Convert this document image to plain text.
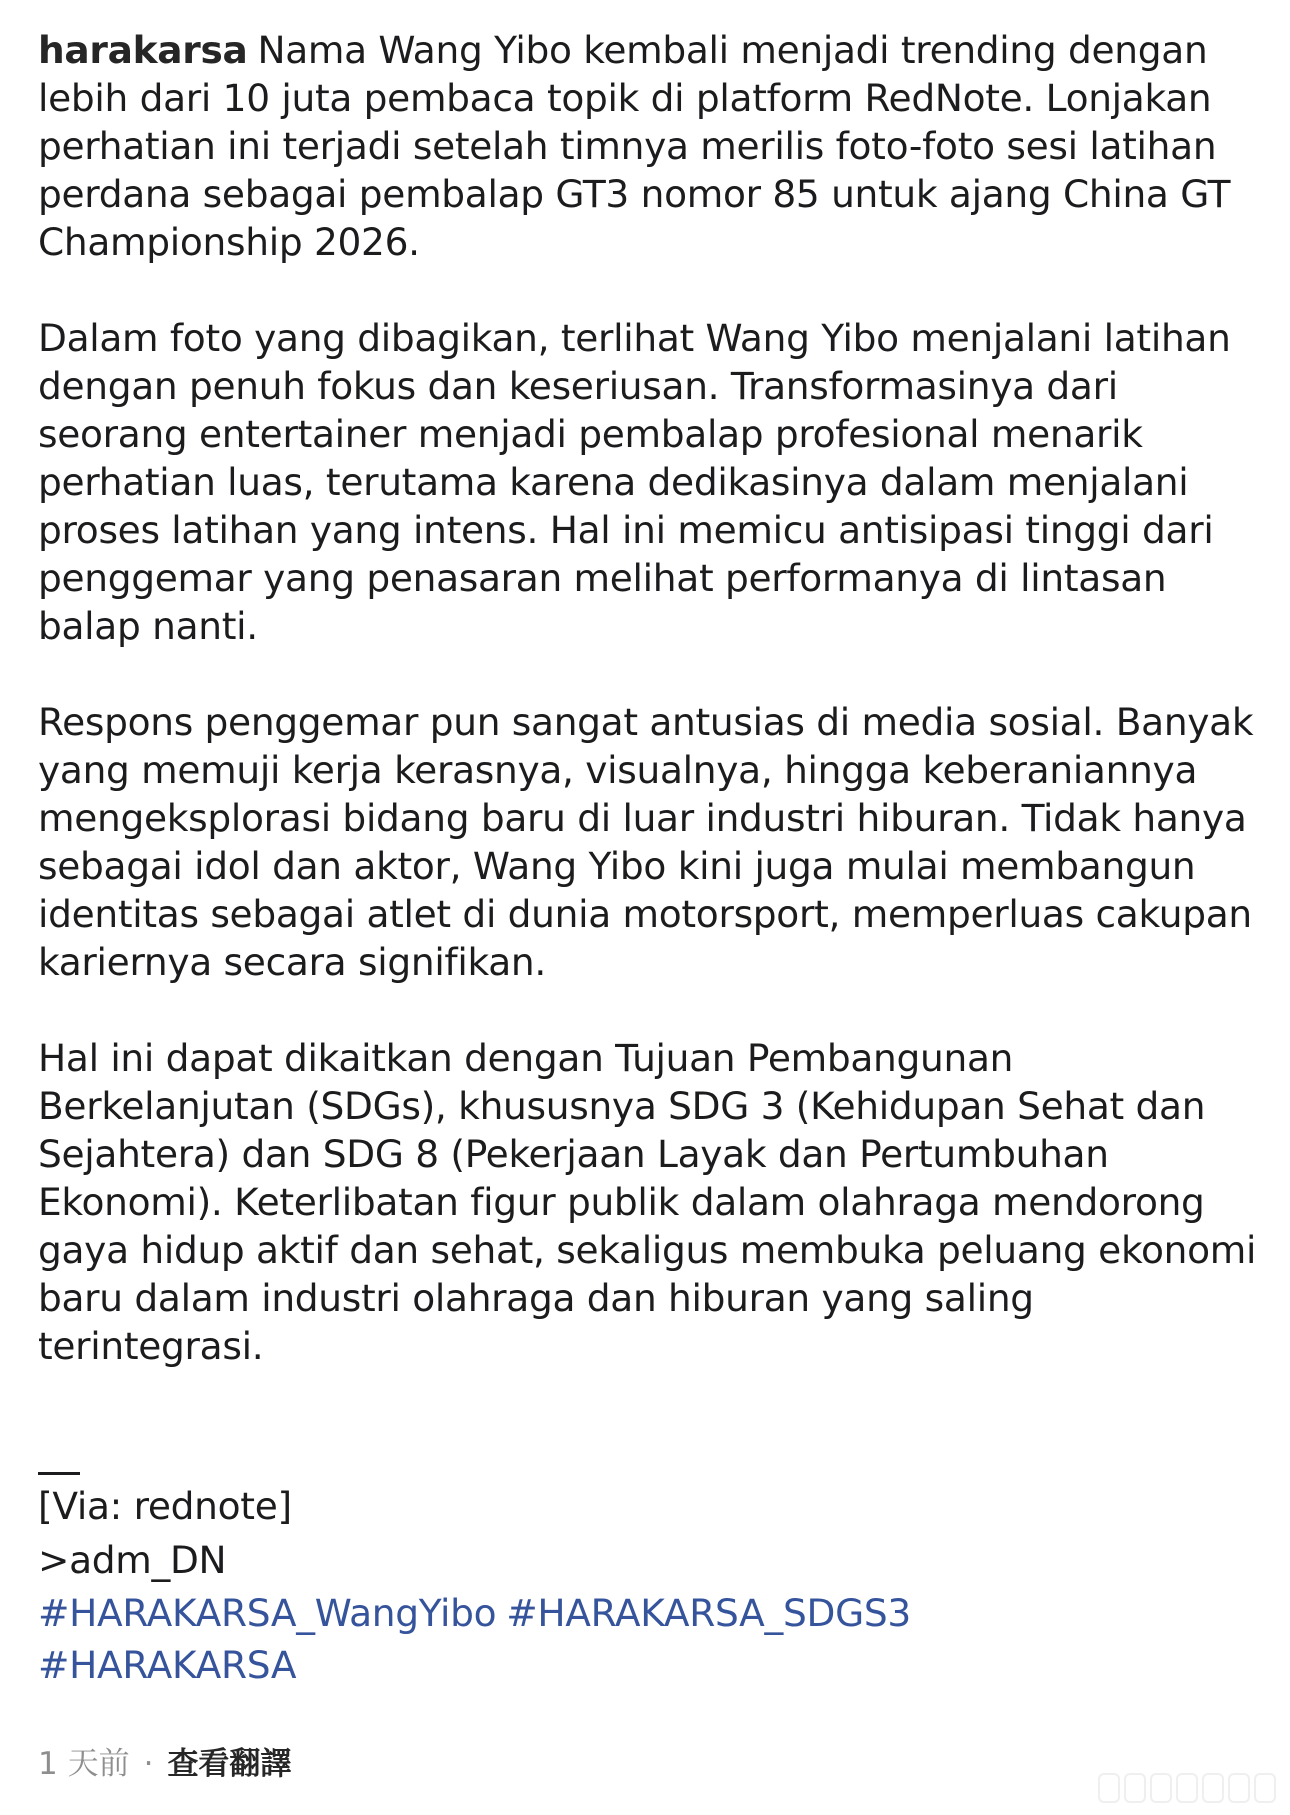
harakarsa Nama Wang Yibo kembali menjadi trending dengan lebih dari 10 juta pembaca topik di platform RedNote. Lonjakan perhatian ini terjadi setelah timnya merilis foto-foto sesi latihan perdana sebagai pembalap GT3 nomor 85 untuk ajang China GT Championship 2026.
Dalam foto yang dibagikan, terlihat Wang Yibo menjalani latihan dengan penuh fokus dan keseriusan. Transformasinya dari seorang entertainer menjadi pembalap profesional menarik perhatian luas, terutama karena dedikasinya dalam menjalani proses latihan yang intens. Hal ini memicu antisipasi tinggi dari penggemar yang penasaran melihat performanya di lintasan balap nanti.
Respons penggemar pun sangat antusias di media sosial. Banyak yang memuji kerja kerasnya, visualnya, hingga keberaniannya mengeksplorasi bidang baru di luar industri hiburan. Tidak hanya sebagai idol dan aktor, Wang Yibo kini juga mulai membangun identitas sebagai atlet di dunia motorsport, memperluas cakupan kariernya secara signifikan.
Hal ini dapat dikaitkan dengan Tujuan Pembangunan Berkelanjutan (SDGs), khususnya SDG 3 (Kehidupan Sehat dan Sejahtera) dan SDG 8 (Pekerjaan Layak dan Pertumbuhan Ekonomi). Keterlibatan figur publik dalam olahraga mendorong gaya hidup aktif dan sehat, sekaligus membuka peluang ekonomi baru dalam industri olahraga dan hiburan yang saling terintegrasi.

[Via: rednote]

>adm_DN

#HARAKARSA_WangYibo #HARAKARSA_SDGS3
#HARAKARSA
1 天前 · 查看翻譯
